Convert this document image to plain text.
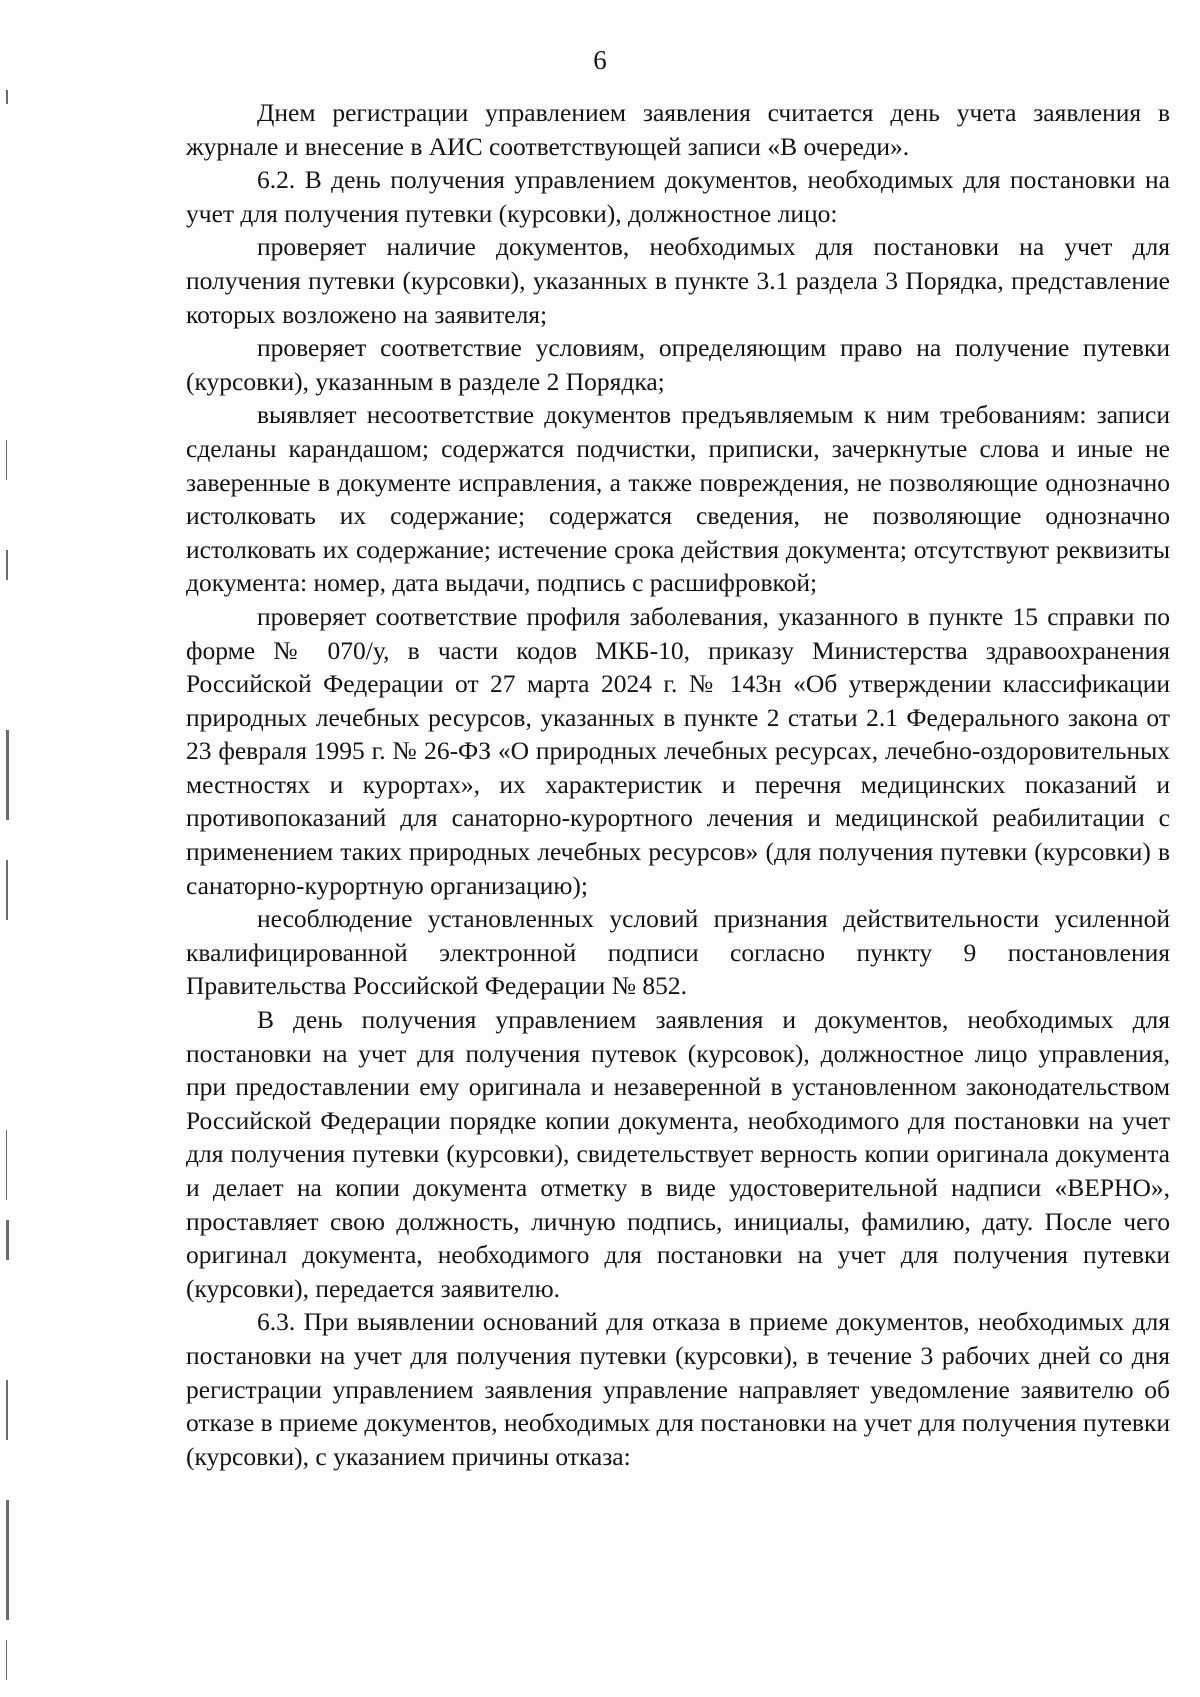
6

Днем регистрации управлением заявления считается день учета заявления в журнале и внесение в АИС соответствующей записи «В очереди».

6.2. В день получения управлением документов, необходимых для постановки на учет для получения путевки (курсовки), должностное лицо:

проверяет наличие документов, необходимых для постановки на учет для получения путевки (курсовки), указанных в пункте 3.1 раздела 3 Порядка, представление которых возложено на заявителя;

проверяет соответствие условиям, определяющим право на получение путевки (курсовки), указанным в разделе 2 Порядка;

выявляет несоответствие документов предъявляемым к ним требованиям: записи сделаны карандашом; содержатся подчистки, приписки, зачеркнутые слова и иные не заверенные в документе исправления, а также повреждения, не позволяющие однозначно истолковать их содержание; содержатся сведения, не позволяющие однозначно истолковать их содержание; истечение срока действия документа; отсутствуют реквизиты документа: номер, дата выдачи, подпись с расшифровкой;

проверяет соответствие профиля заболевания, указанного в пункте 15 справки по форме № 070/у, в части кодов МКБ-10, приказу Министерства здравоохранения Российской Федерации от 27 марта 2024 г. № 143н «Об утверждении классификации природных лечебных ресурсов, указанных в пункте 2 статьи 2.1 Федерального закона от 23 февраля 1995 г. № 26-ФЗ «О природных лечебных ресурсах, лечебно-оздоровительных местностях и курортах», их характеристик и перечня медицинских показаний и противопоказаний для санаторно-курортного лечения и медицинской реабилитации с применением таких природных лечебных ресурсов» (для получения путевки (курсовки) в санаторно-курортную организацию);

несоблюдение установленных условий признания действительности усиленной квалифицированной электронной подписи согласно пункту 9 постановления Правительства Российской Федерации № 852.

В день получения управлением заявления и документов, необходимых для постановки на учет для получения путевок (курсовок), должностное лицо управления, при предоставлении ему оригинала и незаверенной в установленном законодательством Российской Федерации порядке копии документа, необходимого для постановки на учет для получения путевки (курсовки), свидетельствует верность копии оригинала документа и делает на копии документа отметку в виде удостоверительной надписи «ВЕРНО», проставляет свою должность, личную подпись, инициалы, фамилию, дату. После чего оригинал документа, необходимого для постановки на учет для получения путевки (курсовки), передается заявителю.

6.3. При выявлении оснований для отказа в приеме документов, необходимых для постановки на учет для получения путевки (курсовки), в течение 3 рабочих дней со дня регистрации управлением заявления управление направляет уведомление заявителю об отказе в приеме документов, необходимых для постановки на учет для получения путевки (курсовки), с указанием причины отказа:
